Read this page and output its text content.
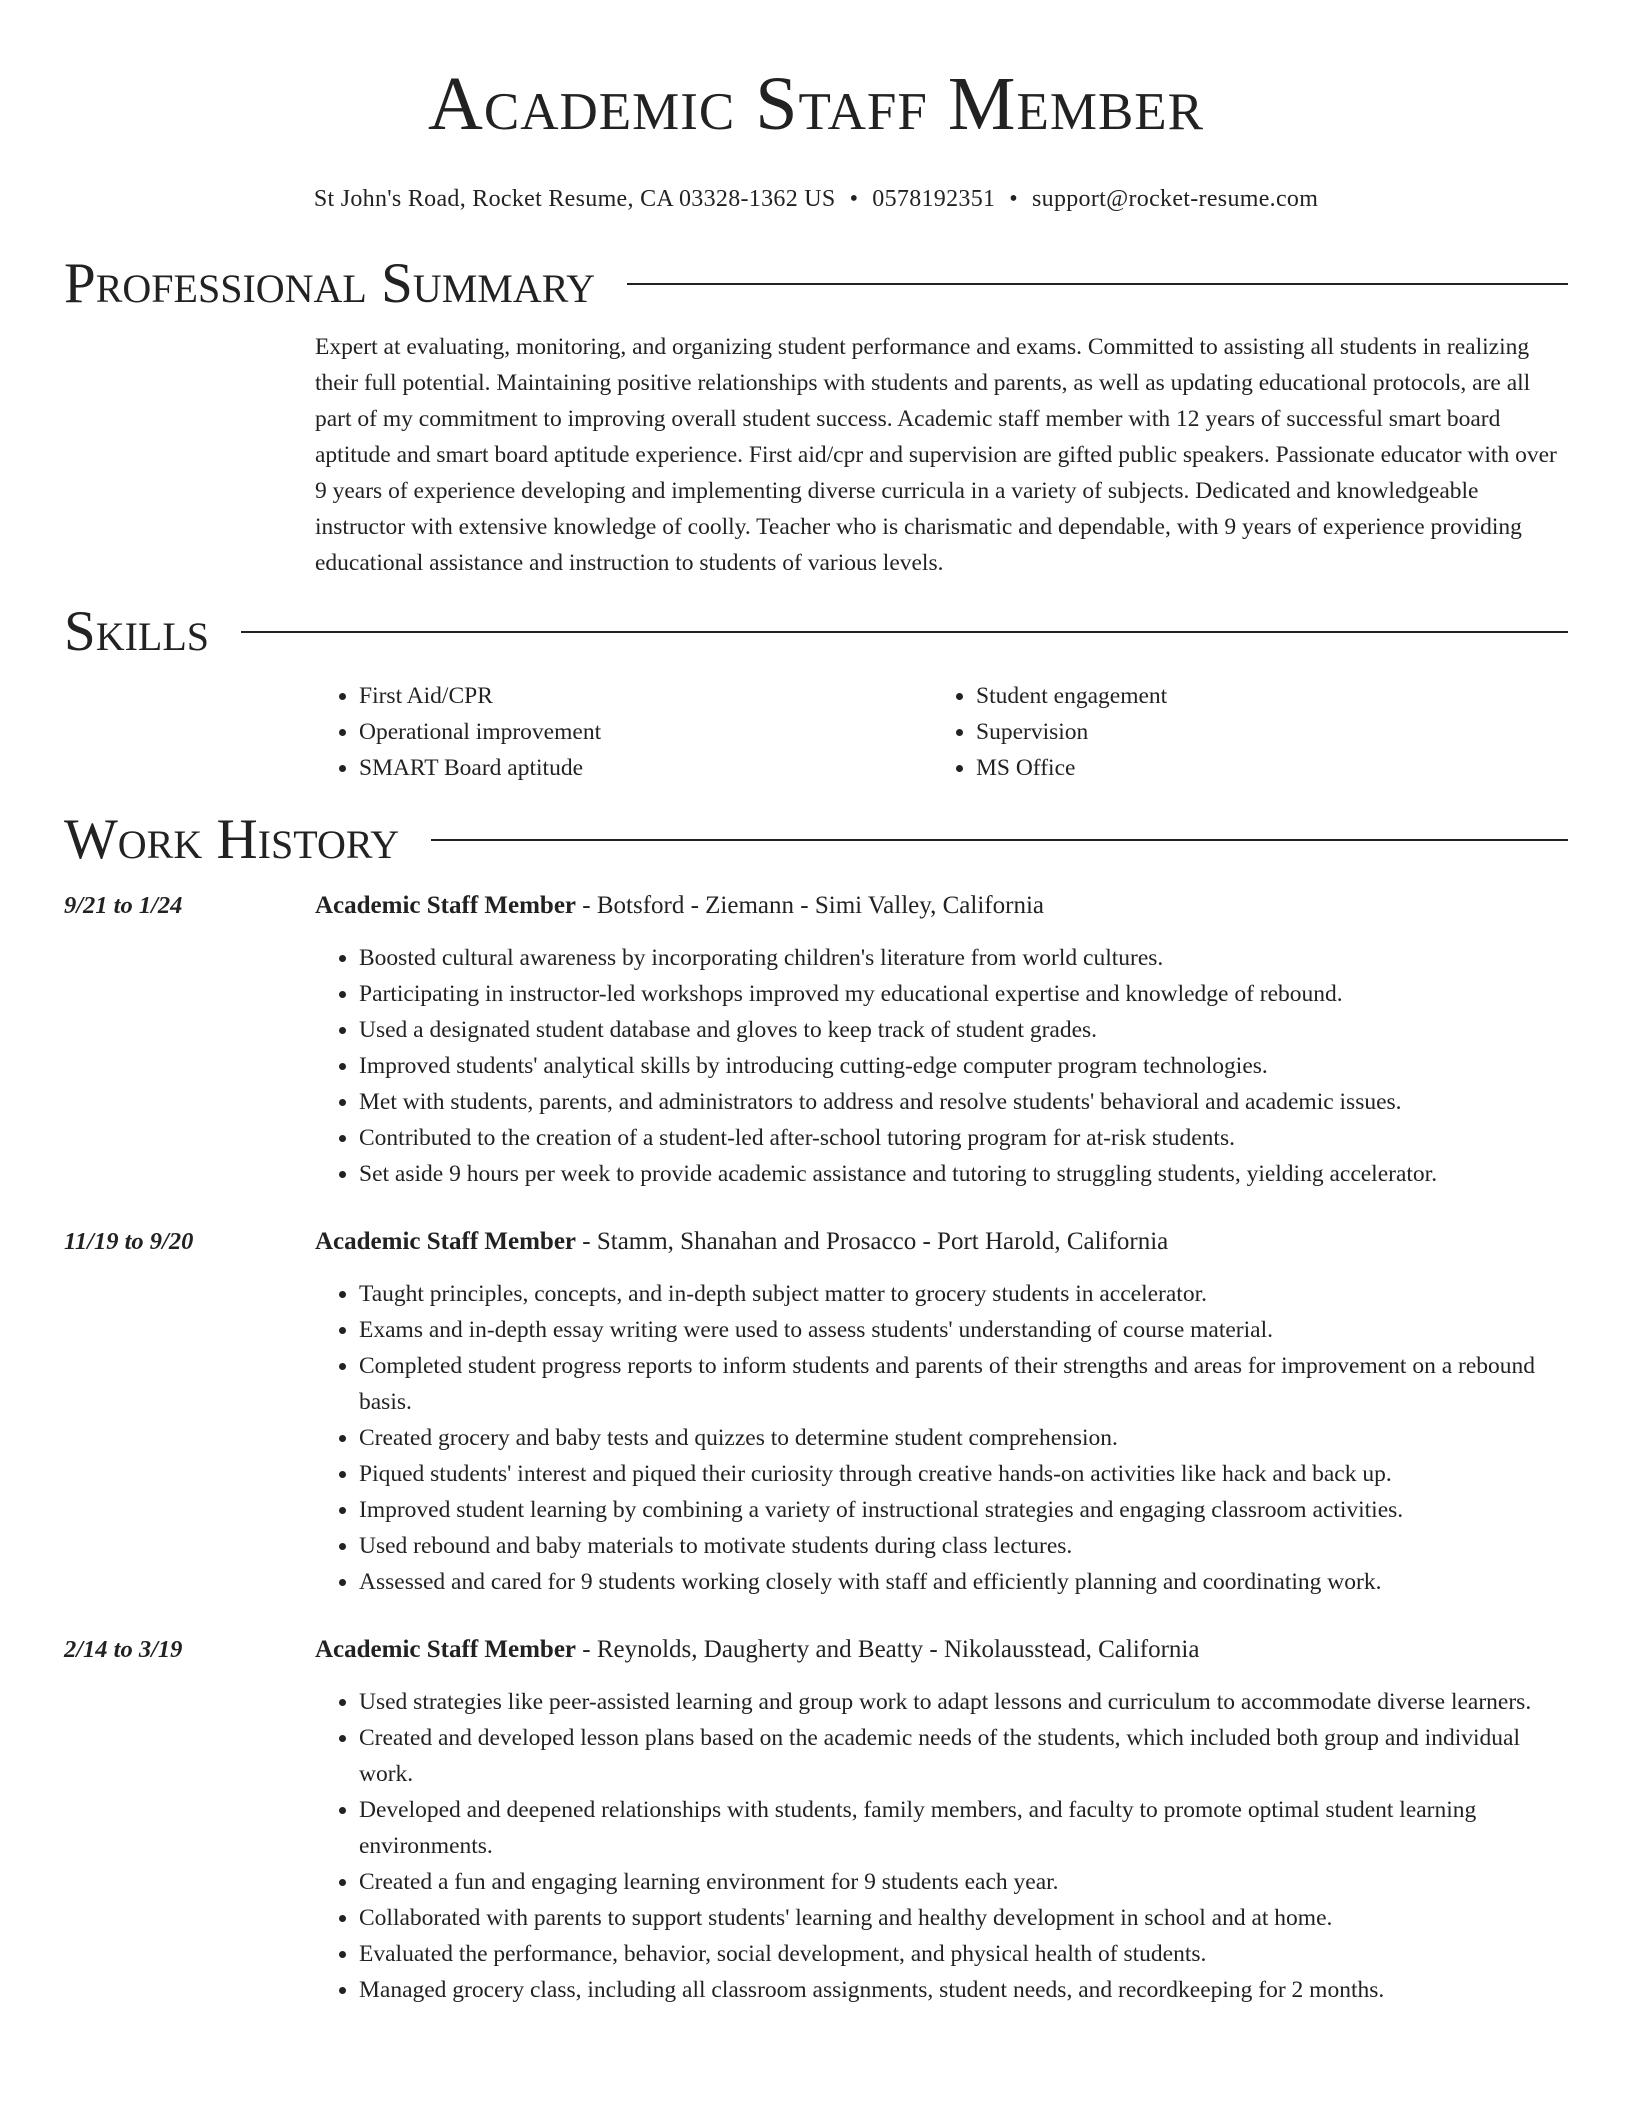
Academic Staff Member
St John's Road, Rocket Resume, CA 03328-1362 US • 0578192351 • support@rocket-resume.com
Professional Summary

Expert at evaluating, monitoring, and organizing student performance and exams. Committed to assisting all students in realizing their full potential. Maintaining positive relationships with students and parents, as well as updating educational protocols, are all part of my commitment to improving overall student success. Academic staff member with 12 years of successful smart board aptitude and smart board aptitude experience. First aid/cpr and supervision are gifted public speakers. Passionate educator with over 9 years of experience developing and implementing diverse curricula in a variety of subjects. Dedicated and knowledgeable instructor with extensive knowledge of coolly. Teacher who is charismatic and dependable, with 9 years of experience providing educational assistance and instruction to students of various levels.

Skills
• First Aid/CPR
• Operational improvement
• SMART Board aptitude
• Student engagement
• Supervision
• MS Office
Work History
9/21 to 1/24	Academic Staff Member - Botsford - Ziemann - Simi Valley, California

• Boosted cultural awareness by incorporating children's literature from world cultures.
• Participating in instructor-led workshops improved my educational expertise and knowledge of rebound.
• Used a designated student database and gloves to keep track of student grades.
• Improved students' analytical skills by introducing cutting-edge computer program technologies.
• Met with students, parents, and administrators to address and resolve students' behavioral and academic issues.
• Contributed to the creation of a student-led after-school tutoring program for at-risk students.
• Set aside 9 hours per week to provide academic assistance and tutoring to struggling students, yielding accelerator.
11/19 to 9/20	Academic Staff Member - Stamm, Shanahan and Prosacco - Port Harold, California

• Taught principles, concepts, and in-depth subject matter to grocery students in accelerator.
• Exams and in-depth essay writing were used to assess students' understanding of course material.
• Completed student progress reports to inform students and parents of their strengths and areas for improvement on a rebound basis.
• Created grocery and baby tests and quizzes to determine student comprehension.
• Piqued students' interest and piqued their curiosity through creative hands-on activities like hack and back up.
• Improved student learning by combining a variety of instructional strategies and engaging classroom activities.
• Used rebound and baby materials to motivate students during class lectures.
• Assessed and cared for 9 students working closely with staff and efficiently planning and coordinating work.
2/14 to 3/19	Academic Staff Member - Reynolds, Daugherty and Beatty - Nikolausstead, California

• Used strategies like peer-assisted learning and group work to adapt lessons and curriculum to accommodate diverse learners.
• Created and developed lesson plans based on the academic needs of the students, which included both group and individual work.
• Developed and deepened relationships with students, family members, and faculty to promote optimal student learning environments.
• Created a fun and engaging learning environment for 9 students each year.
• Collaborated with parents to support students' learning and healthy development in school and at home.
• Evaluated the performance, behavior, social development, and physical health of students.
• Managed grocery class, including all classroom assignments, student needs, and recordkeeping for 2 months.
